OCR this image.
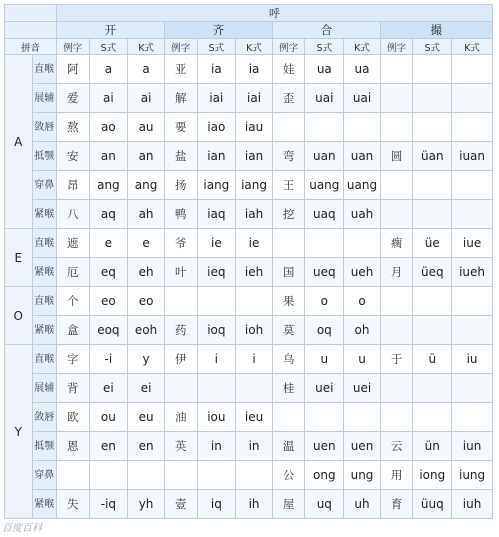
		呼											
		开			齐			合			撮		
拼音		例字	S式	K式	例字	S式	K式	例字	S式	K式	例字	S式	K式
A	直喉	阿	a	a	亚	ia	ia	娃	ua	ua			
	展辅	爱	ai	ai	解	iai	iai	歪	uai	uai			
	敛唇	熬	ao	au	要	iao	iau						
	抵颚	安	an	an	盐	ian	ian	弯	uan	uan	圆	üan	iuan
	穿鼻	昂	ang	ang	扬	iang	iang	王	uang	uang			
	紧喉	八	aq	ah	鸭	iaq	iah	挖	uaq	uah			
E	直喉	遮	e	e	爷	ie	ie				瘸	üe	iue
	紧喉	厄	eq	eh	叶	ieq	ieh	国	ueq	ueh	月	üeq	iueh
O	直喉	个	eo	eo				果	o	o			
	紧喉	盒	eoq	eoh	药	ioq	ioh	莫	oq	oh			
Y	直喉	字	-i	y	伊	i	i	乌	u	u	于	ü	iu
	展辅	背	ei	ei				桂	uei	uei			
	敛唇	欧	ou	eu	油	iou	ieu						
	抵颚	恩	en	en	英	in	in	温	uen	uen	云	ün	iun
	穿鼻							公	ong	ung	用	iong	iung
	紧喉	失	-iq	yh	壹	iq	ih	屋	uq	uh	育	üuq	iuh
百度百科
